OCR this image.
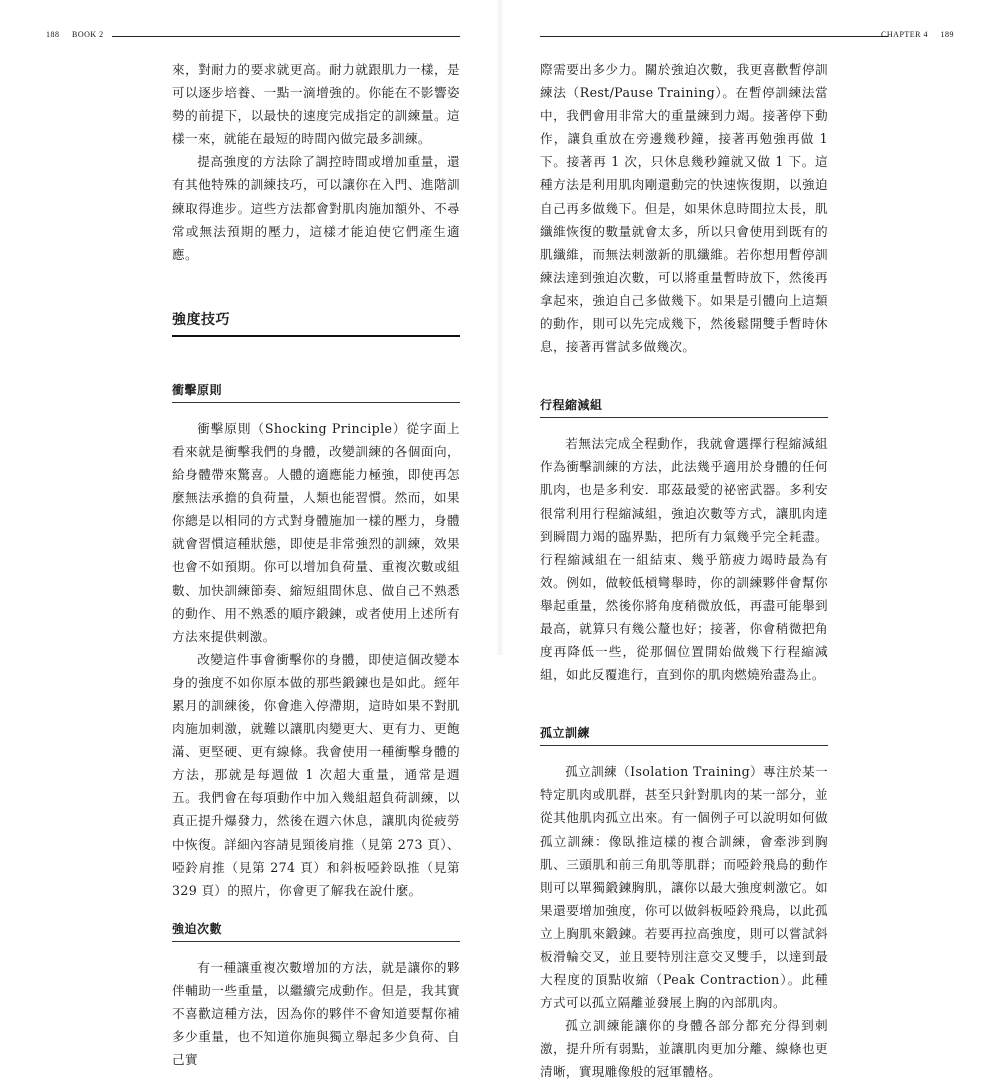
188 BOOK 2

來，對耐力的要求就更高。耐力就跟肌力一樣，是可以逐步培養、一點一滴增強的。你能在不影響姿勢的前提下，以最快的速度完成指定的訓練量。這樣一來，就能在最短的時間內做完最多訓練。

提高強度的方法除了調控時間或增加重量，還有其他特殊的訓練技巧，可以讓你在入門、進階訓練取得進步。這些方法都會對肌肉施加額外、不尋常或無法預期的壓力，這樣才能迫使它們產生適應。

強度技巧
衝擊原則

衝擊原則（Shocking Principle）從字面上看來就是衝擊我們的身體，改變訓練的各個面向，給身體帶來驚喜。人體的適應能力極強，即使再怎麼無法承擔的負荷量，人類也能習慣。然而，如果你總是以相同的方式對身體施加一樣的壓力，身體就會習慣這種狀態，即使是非常強烈的訓練，效果也會不如預期。你可以增加負荷量、重複次數或組數、加快訓練節奏、縮短組間休息、做自己不熟悉的動作、用不熟悉的順序鍛鍊，或者使用上述所有方法來提供刺激。

改變這件事會衝擊你的身體，即使這個改變本身的強度不如你原本做的那些鍛鍊也是如此。經年累月的訓練後，你會進入停滯期，這時如果不對肌肉施加刺激，就難以讓肌肉變更大、更有力、更飽滿、更堅硬、更有線條。我會使用一種衝擊身體的方法，那就是每週做 1 次超大重量，通常是週五。我們會在每項動作中加入幾組超負荷訓練，以真正提升爆發力，然後在週六休息，讓肌肉從疲勞中恢復。詳細內容請見頸後肩推（見第 273 頁）、啞鈴肩推（見第 274 頁）和斜板啞鈴臥推（見第 329 頁）的照片，你會更了解我在說什麼。

強迫次數

有一種讓重複次數增加的方法，就是讓你的夥伴輔助一些重量，以繼續完成動作。但是，我其實不喜歡這種方法，因為你的夥伴不會知道要幫你補多少重量，也不知道你施與獨立舉起多少負荷、自己實

CHAPTER 4 189

際需要出多少力。關於強迫次數，我更喜歡暫停訓練法（Rest/Pause Training）。在暫停訓練法當中，我們會用非常大的重量練到力竭。接著停下動作，讓負重放在旁邊幾秒鐘，接著再勉強再做 1 下。接著再 1 次，只休息幾秒鐘就又做 1 下。這種方法是利用肌肉剛還動完的快速恢復期，以強迫自己再多做幾下。但是，如果休息時間拉太長，肌纖維恢復的數量就會太多，所以只會使用到既有的肌纖維，而無法刺激新的肌纖維。若你想用暫停訓練法達到強迫次數，可以將重量暫時放下，然後再拿起來，強迫自己多做幾下。如果是引體向上這類的動作，則可以先完成幾下，然後鬆開雙手暫時休息，接著再嘗試多做幾次。

行程縮減組

若無法完成全程動作，我就會選擇行程縮減組作為衝擊訓練的方法，此法幾乎適用於身體的任何肌肉，也是多利安．耶茲最愛的祕密武器。多利安很常利用行程縮減組，強迫次數等方式，讓肌肉達到瞬間力竭的臨界點，把所有力氣幾乎完全耗盡。行程縮減組在一組結束、幾乎筋疲力竭時最為有效。例如，做較低槓彎舉時，你的訓練夥伴會幫你舉起重量，然後你將角度稍微放低，再盡可能舉到最高，就算只有幾公釐也好；接著，你會稍微把角度再降低一些，從那個位置開始做幾下行程縮減組，如此反覆進行，直到你的肌肉燃燒殆盡為止。

孤立訓練

孤立訓練（Isolation Training）專注於某一特定肌肉或肌群，甚至只針對肌肉的某一部分，並從其他肌肉孤立出來。有一個例子可以說明如何做孤立訓練：像臥推這樣的複合訓練，會牽涉到胸肌、三頭肌和前三角肌等肌群；而啞鈴飛鳥的動作則可以單獨鍛鍊胸肌，讓你以最大強度刺激它。如果還要增加強度，你可以做斜板啞鈴飛鳥，以此孤立上胸肌來鍛鍊。若要再拉高強度，則可以嘗試斜板滑輪交叉，並且要特別注意交叉雙手，以達到最大程度的頂點收縮（Peak Contraction）。此種方式可以孤立隔離並發展上胸的內部肌肉。

孤立訓練能讓你的身體各部分都充分得到刺激，提升所有弱點，並讓肌肉更加分離、線條也更清晰，實現雕像般的冠軍體格。
